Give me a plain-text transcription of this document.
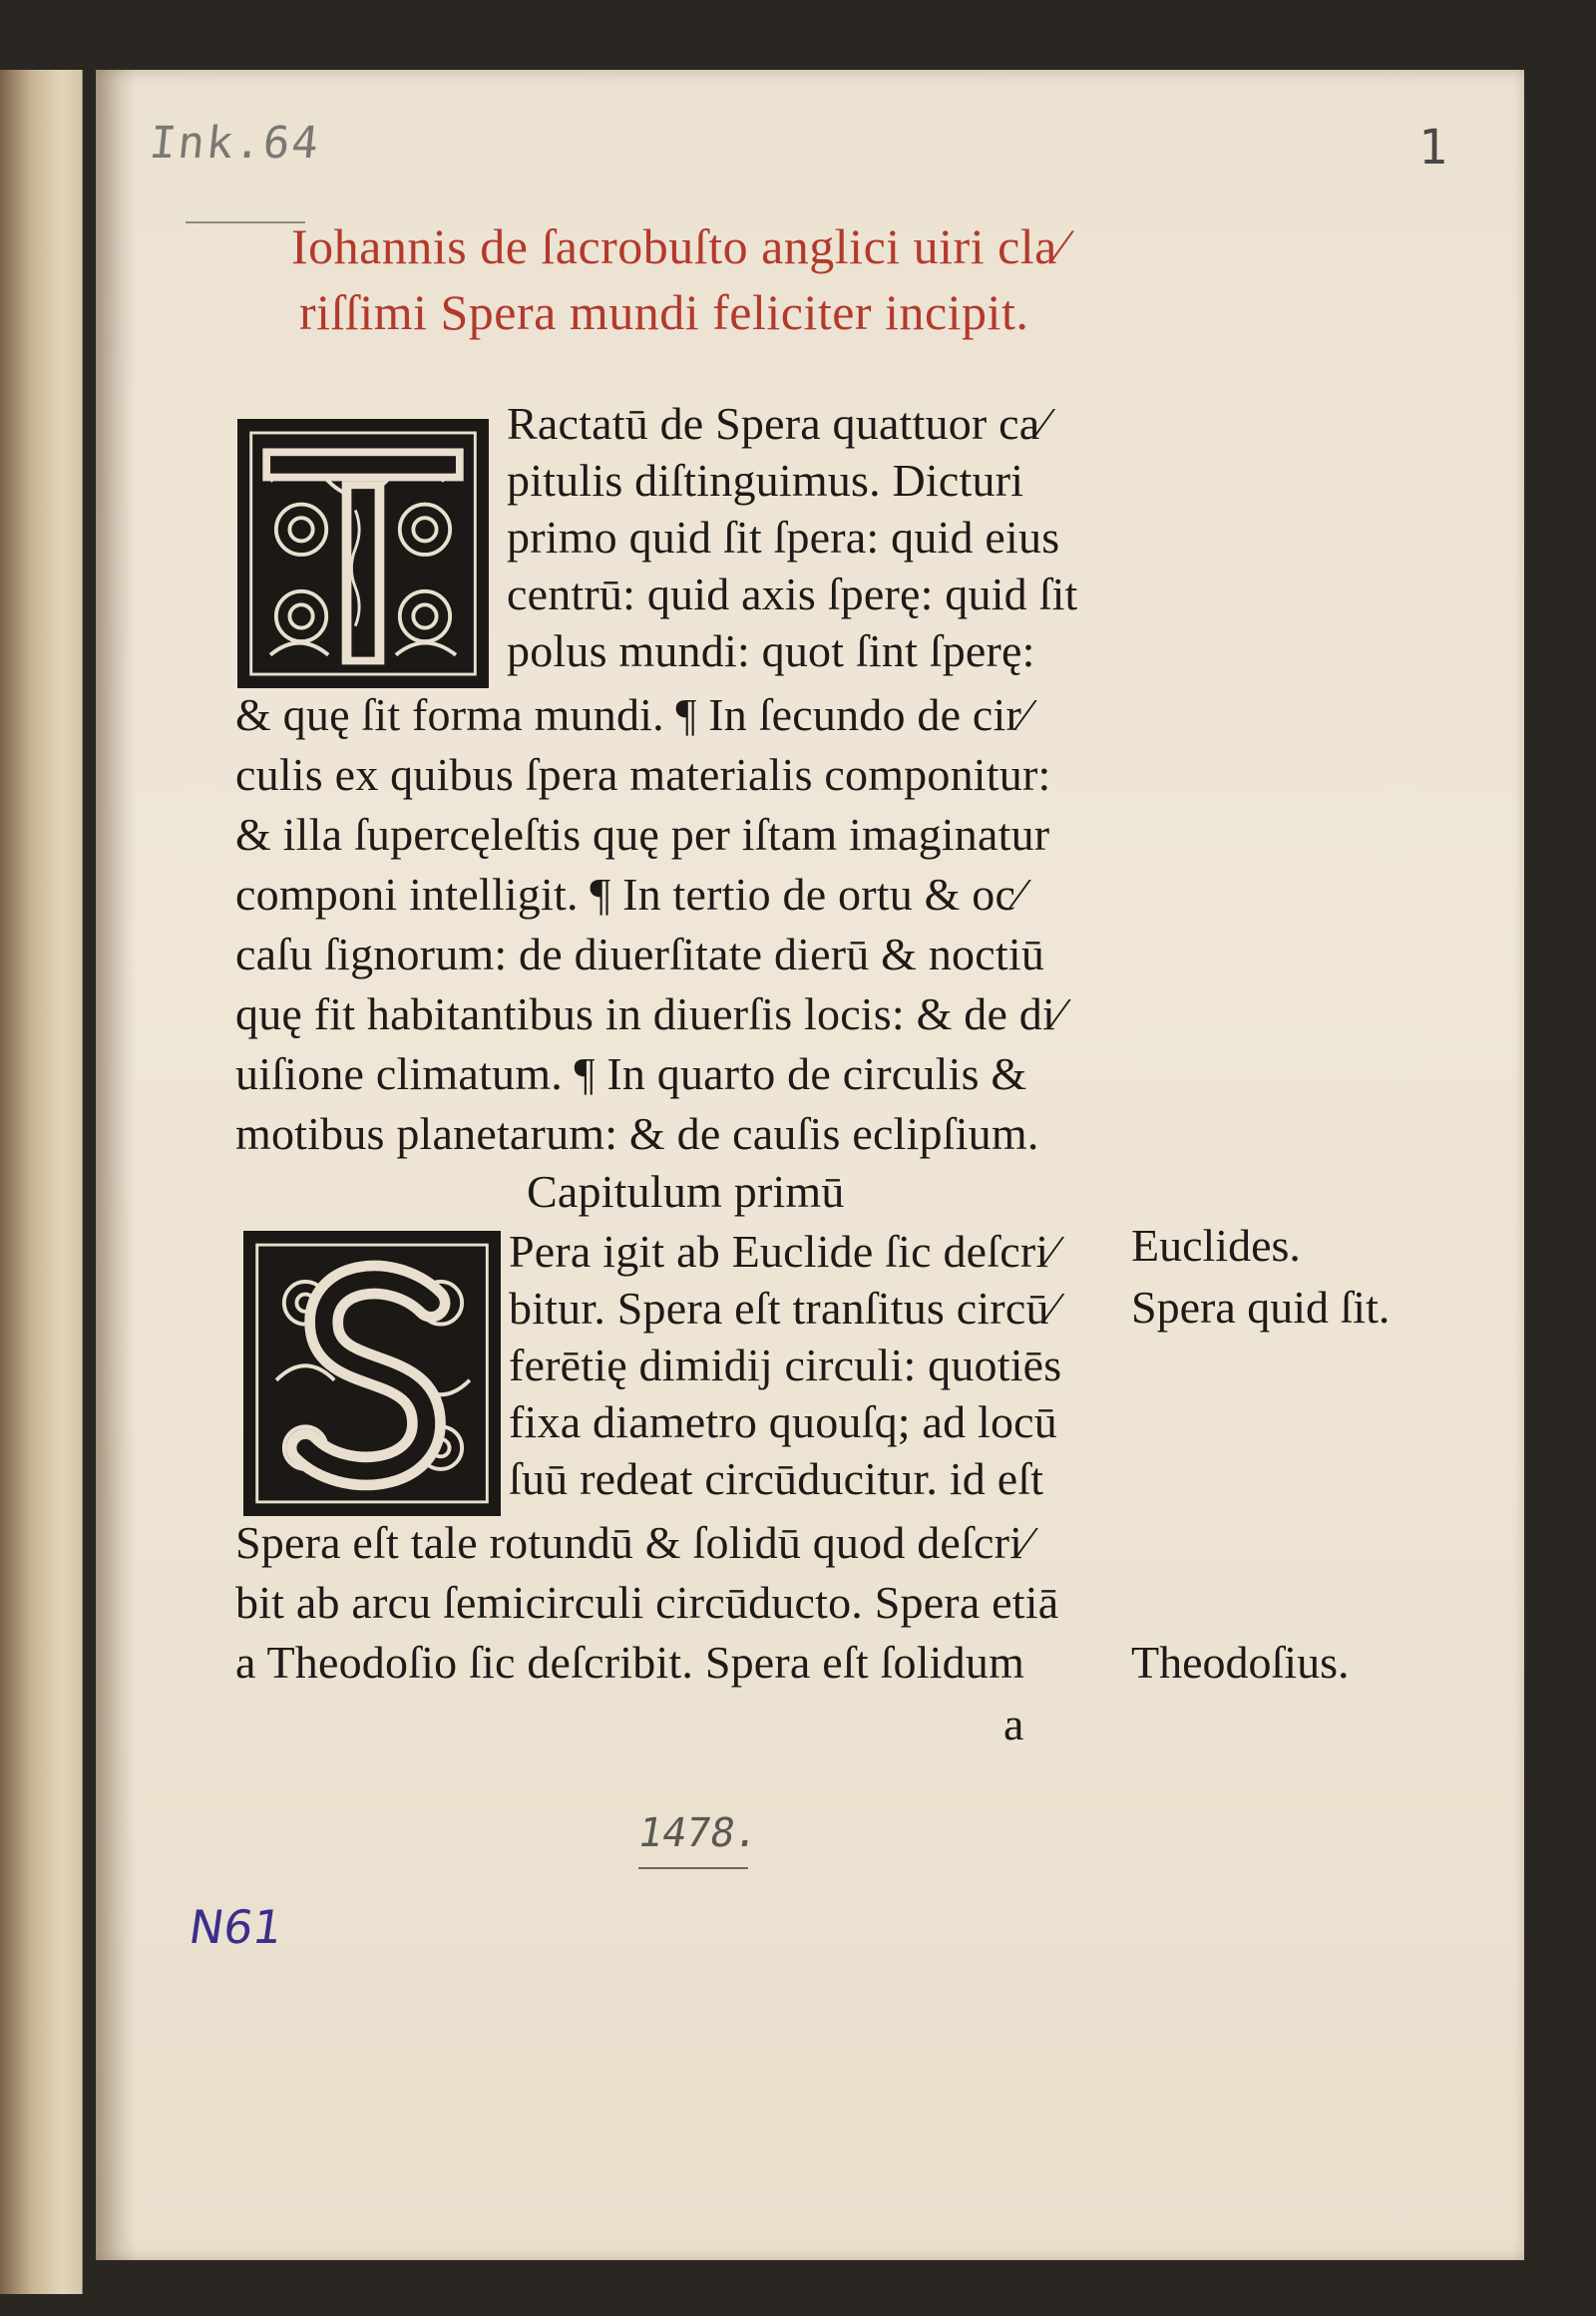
Ink.64	1
Iohannis de ſacrobuſto anglici uiri cla⁄
riſſimi Spera mundi feliciter incipit.
Ractatū de Spera quattuor ca⁄
pitulis diſtinguimus. Dicturi
primo quid ſit ſpera: quid eius
centrū: quid axis ſperę: quid ſit
polus mundi: quot ſint ſperę:
& quę ſit forma mundi. ¶ In ſecundo de cir⁄
culis ex quibus ſpera materialis componitur:
& illa ſupercęleſtis quę per iſtam imaginatur
componi intelligit. ¶ In tertio de ortu & oc⁄
caſu ſignorum: de diuerſitate dierū & noctiū
quę fit habitantibus in diuerſis locis: & de di⁄
uiſione climatum. ¶ In quarto de circulis &
motibus planetarum: & de cauſis eclipſium.
Capitulum primū
Pera igit ab Euclide ſic deſcri⁄
bitur. Spera eſt tranſitus circū⁄
ferētię dimidij circuli: quotiēs
fixa diametro quouſq; ad locū
ſuū redeat circūducitur. id eſt
Spera eſt tale rotundū & ſolidū quod deſcri⁄
bit ab arcu ſemicirculi circūducto. Spera etiā
a Theodoſio ſic deſcribit. Spera eſt ſolidum
a
Euclides.
Spera quid ſit.
Theodoſius.
1478.
N61
